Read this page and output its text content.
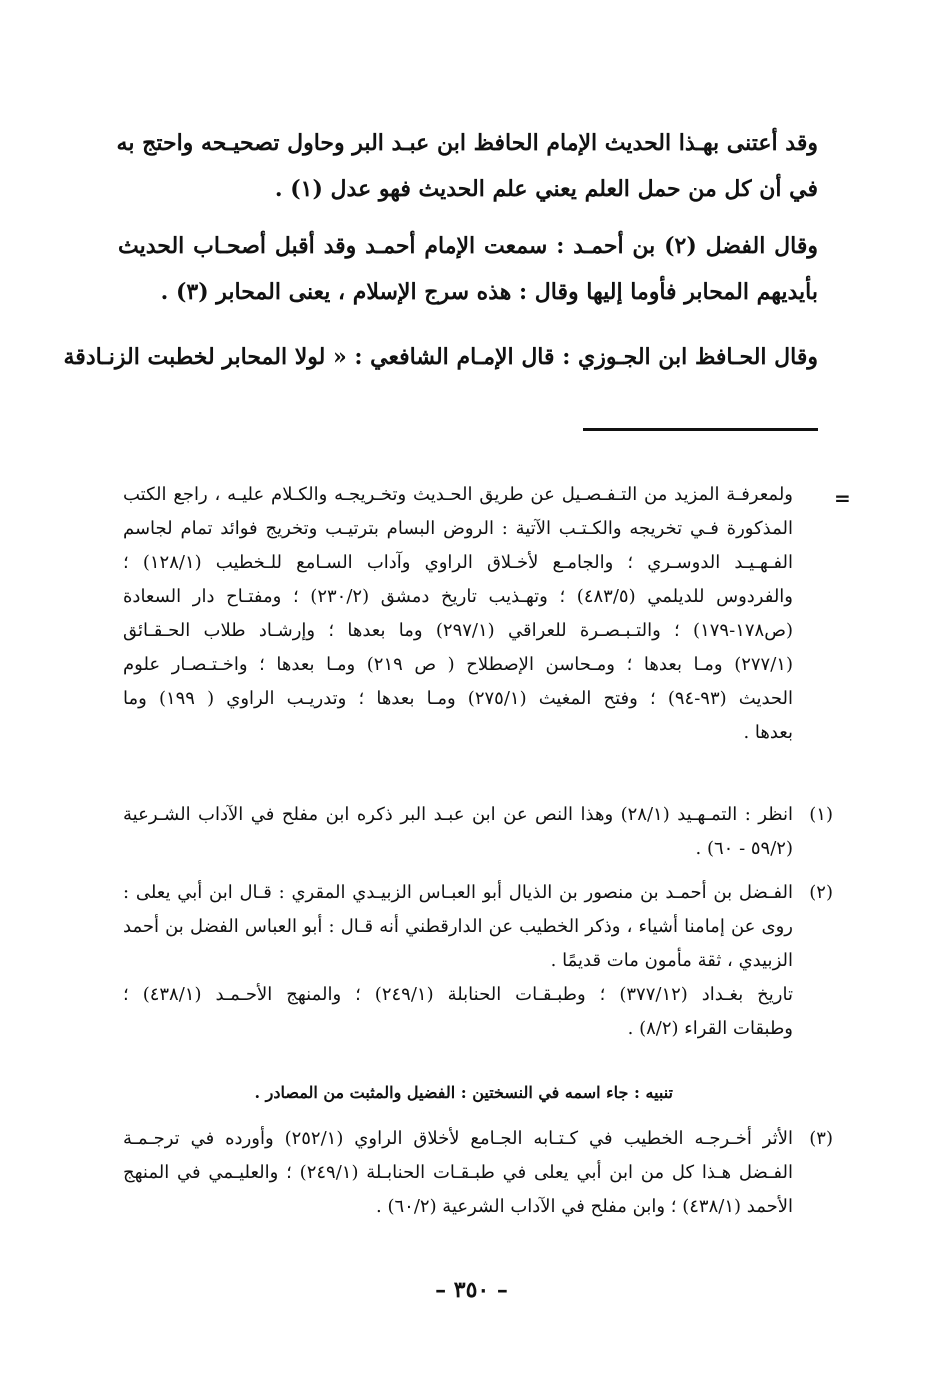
وقد أعتنى بهـذا الحديث الإمام الحافظ ابن عبـد البر وحاول تصحيـحه واحتج به
في أن كل من حمل العلم يعني علم الحديث فهو عدل (١) .

وقال الفضل (٢) بن أحمـد : سمعت الإمام أحمـد وقد أقبل أصحـاب الحديث
بأيديهم المحابر فأوما إليها وقال : هذه سرج الإسلام ، يعنى المحابر (٣) .

وقال الحـافظ ابن الجـوزي : قال الإمـام الشافعي : « لولا المحابر لخطبت الزنـادقة

=
ولمعرفـة المزيد من التـفـصـيل عن طريق الحـديث وتخـريجـه والكـلام عليـه ، راجع الكتب
المذكورة فـي تخريجه والكـتـب الآتية : الروض البسام بترتيـب وتخريج فوائد تمام لجاسم
الفـهـيـد الدوسـري ؛ والجامـع لأخـلاق الراوي وآداب السـامع للـخطيب (١٢٨/١) ؛
والفردوس للديلمي (٤٨٣/٥) ؛ وتهـذيب تاريخ دمشق (٢٣٠/٢) ؛ ومفتـاح دار السعادة
(ص١٧٨-١٧٩) ؛ والتـبـصـرة للعراقي (٢٩٧/١) وما بعدها ؛ وإرشـاد طلاب الحـقـائق
(٢٧٧/١) ومـا بعدها ؛ ومـحاسن الإصطلاح ( ص ٢١٩) ومـا بعدها ؛ واخـتـصـار علوم
الحديث (٩٣-٩٤) ؛ وفتح المغيث (٢٧٥/١) ومـا بعدها ؛ وتدريـب الراوي ( ١٩٩) وما
بعدها .
(١)
انظر : التمـهـيد (٢٨/١) وهذا النص عن ابن عبـد البر ذكره ابن مفلح في الآداب الشـرعية
(٥٩/٢ - ٦٠) .
(٢)
الفـضل بن أحمـد بن منصور بن الذيال أبو العبـاس الزبيـدي المقري : قـال ابن أبي يعلى :
روى عن إمامنا أشياء ، وذكر الخطيب عن الدارقطني أنه قـال : أبو العباس الفضل بن أحمد
الزبيدي ، ثقة مأمون مات قديمًا .
تاريخ بغـداد (٣٧٧/١٢) ؛ وطبـقـات الحنابلة (٢٤٩/١) ؛ والمنهج الأحـمـد (٤٣٨/١) ؛
وطبقات القراء (٨/٢) .
تنبيه : جاء اسمه في النسختين : الفضيل والمثبت من المصادر .
(٣)
الأثر أخـرجـه الخطيب في كـتـابه الجـامع لأخلاق الراوي (٢٥٢/١) وأورده في ترجـمـة
الفـضل هـذا كل من ابن أبي يعلى في طبـقـات الحنابـلة (٢٤٩/١) ؛ والعليـمي في المنهج
الأحمد (٤٣٨/١) ؛ وابن مفلح في الآداب الشرعية (٦٠/٢) .
– ٣٥٠ –
